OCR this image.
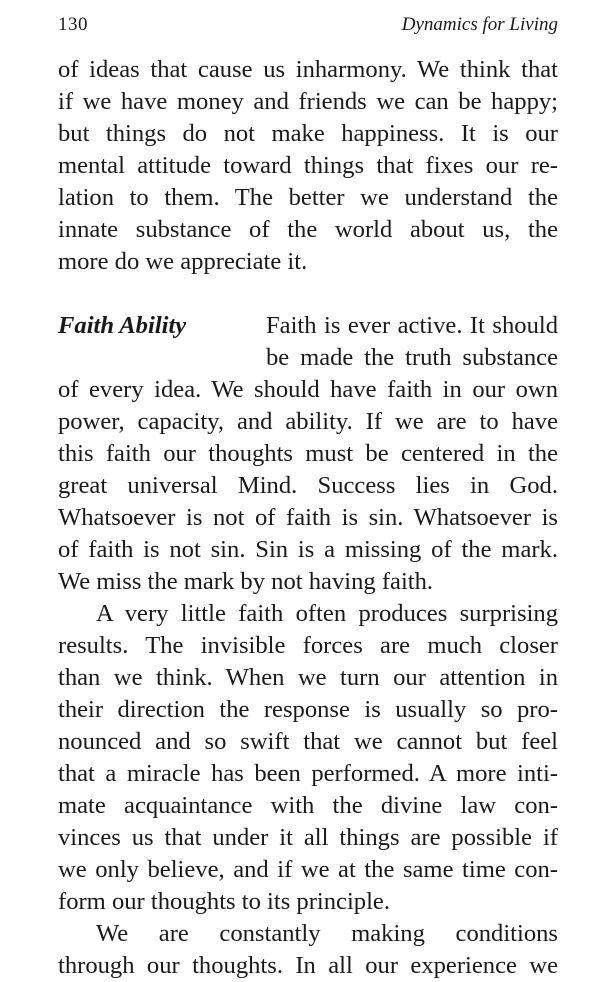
130	Dynamics for Living
of ideas that cause us inharmony. We think that
if we have money and friends we can be happy;
but things do not make happiness. It is our
mental attitude toward things that fixes our re-
lation to them. The better we understand the
innate substance of the world about us, the
more do we appreciate it.
Faith Ability	Faith is ever active. It should
be made the truth substance
of every idea. We should have faith in our own
power, capacity, and ability. If we are to have
this faith our thoughts must be centered in the
great universal Mind. Success lies in God.
Whatsoever is not of faith is sin. Whatsoever is
of faith is not sin. Sin is a missing of the mark.
We miss the mark by not having faith.
A very little faith often produces surprising
results. The invisible forces are much closer
than we think. When we turn our attention in
their direction the response is usually so pro-
nounced and so swift that we cannot but feel
that a miracle has been performed. A more inti-
mate acquaintance with the divine law con-
vinces us that under it all things are possible if
we only believe, and if we at the same time con-
form our thoughts to its principle.
We are constantly making conditions
through our thoughts. In all our experience we
